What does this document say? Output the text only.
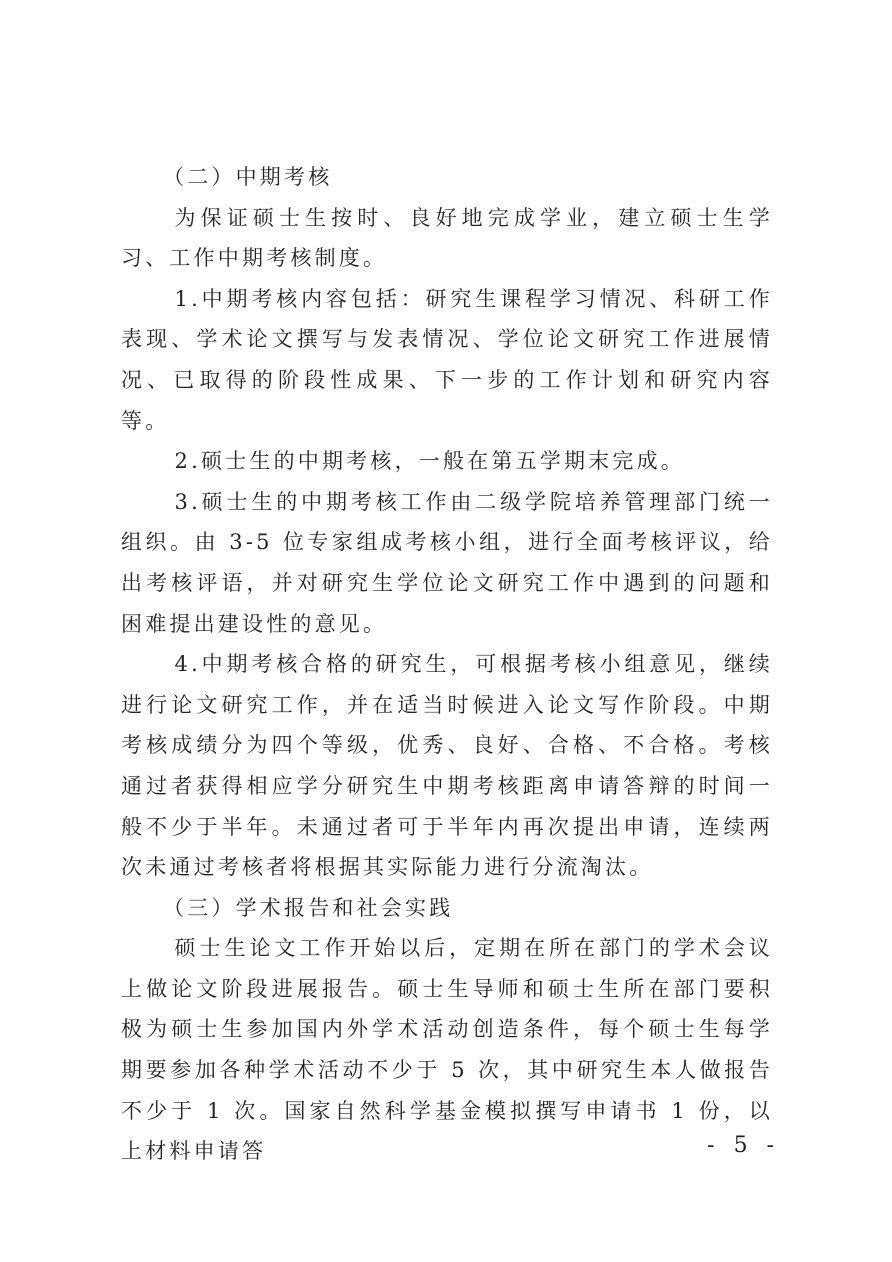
（二）中期考核

为保证硕士生按时、良好地完成学业，建立硕士生学习、工作中期考核制度。

1.中期考核内容包括：研究生课程学习情况、科研工作表现、学术论文撰写与发表情况、学位论文研究工作进展情况、已取得的阶段性成果、下一步的工作计划和研究内容等。

2.硕士生的中期考核，一般在第五学期末完成。

3.硕士生的中期考核工作由二级学院培养管理部门统一组织。由 3-5 位专家组成考核小组，进行全面考核评议，给出考核评语，并对研究生学位论文研究工作中遇到的问题和困难提出建设性的意见。

4.中期考核合格的研究生，可根据考核小组意见，继续进行论文研究工作，并在适当时候进入论文写作阶段。中期考核成绩分为四个等级，优秀、良好、合格、不合格。考核通过者获得相应学分研究生中期考核距离申请答辩的时间一般不少于半年。未通过者可于半年内再次提出申请，连续两次未通过考核者将根据其实际能力进行分流淘汰。

（三）学术报告和社会实践

硕士生论文工作开始以后，定期在所在部门的学术会议上做论文阶段进展报告。硕士生导师和硕士生所在部门要积极为硕士生参加国内外学术活动创造条件，每个硕士生每学期要参加各种学术活动不少于 5 次，其中研究生本人做报告不少于 1 次。国家自然科学基金模拟撰写申请书 1 份，以上材料申请答	- 5 -
